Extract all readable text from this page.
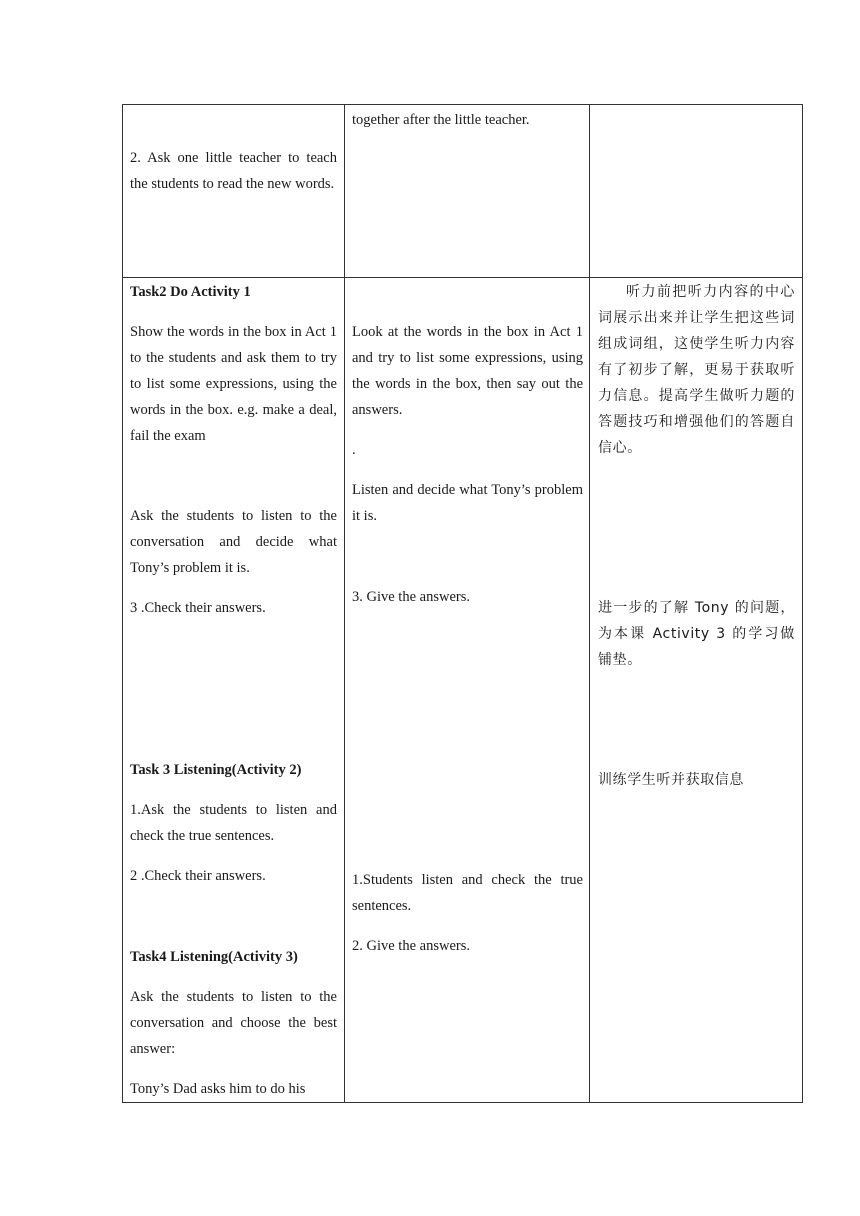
together after the little teacher.

2. Ask one little teacher to teach the students to read the new words.

Task2 Do Activity 1

Show the words in the box in Act 1 to the students and ask them to try to list some expressions, using the words in the box. e.g. make a deal, fail the exam

Ask the students to listen to the conversation and decide what Tony’s problem it is.

3 .Check their answers.

Task 3 Listening(Activity 2)

1.Ask the students to listen and check the true sentences.

2 .Check their answers.

Task4 Listening(Activity 3)

Ask the students to listen to the conversation and choose the best answer:

Tony’s Dad asks him to do his

Look at the words in the box in Act 1 and try to list some expressions, using the words in the box, then say out the answers.

.

Listen and decide what Tony’s problem it is.

3. Give the answers.

1.Students listen and check the true sentences.

2. Give the answers.

听力前把听力内容的中心词展示出来并让学生把这些词组成词组，这使学生听力内容有了初步了解，更易于获取听力信息。提高学生做听力题的答题技巧和增强他们的答题自信心。

进一步的了解 Tony 的问题，为本课 Activity 3 的学习做铺垫。

训练学生听并获取信息
